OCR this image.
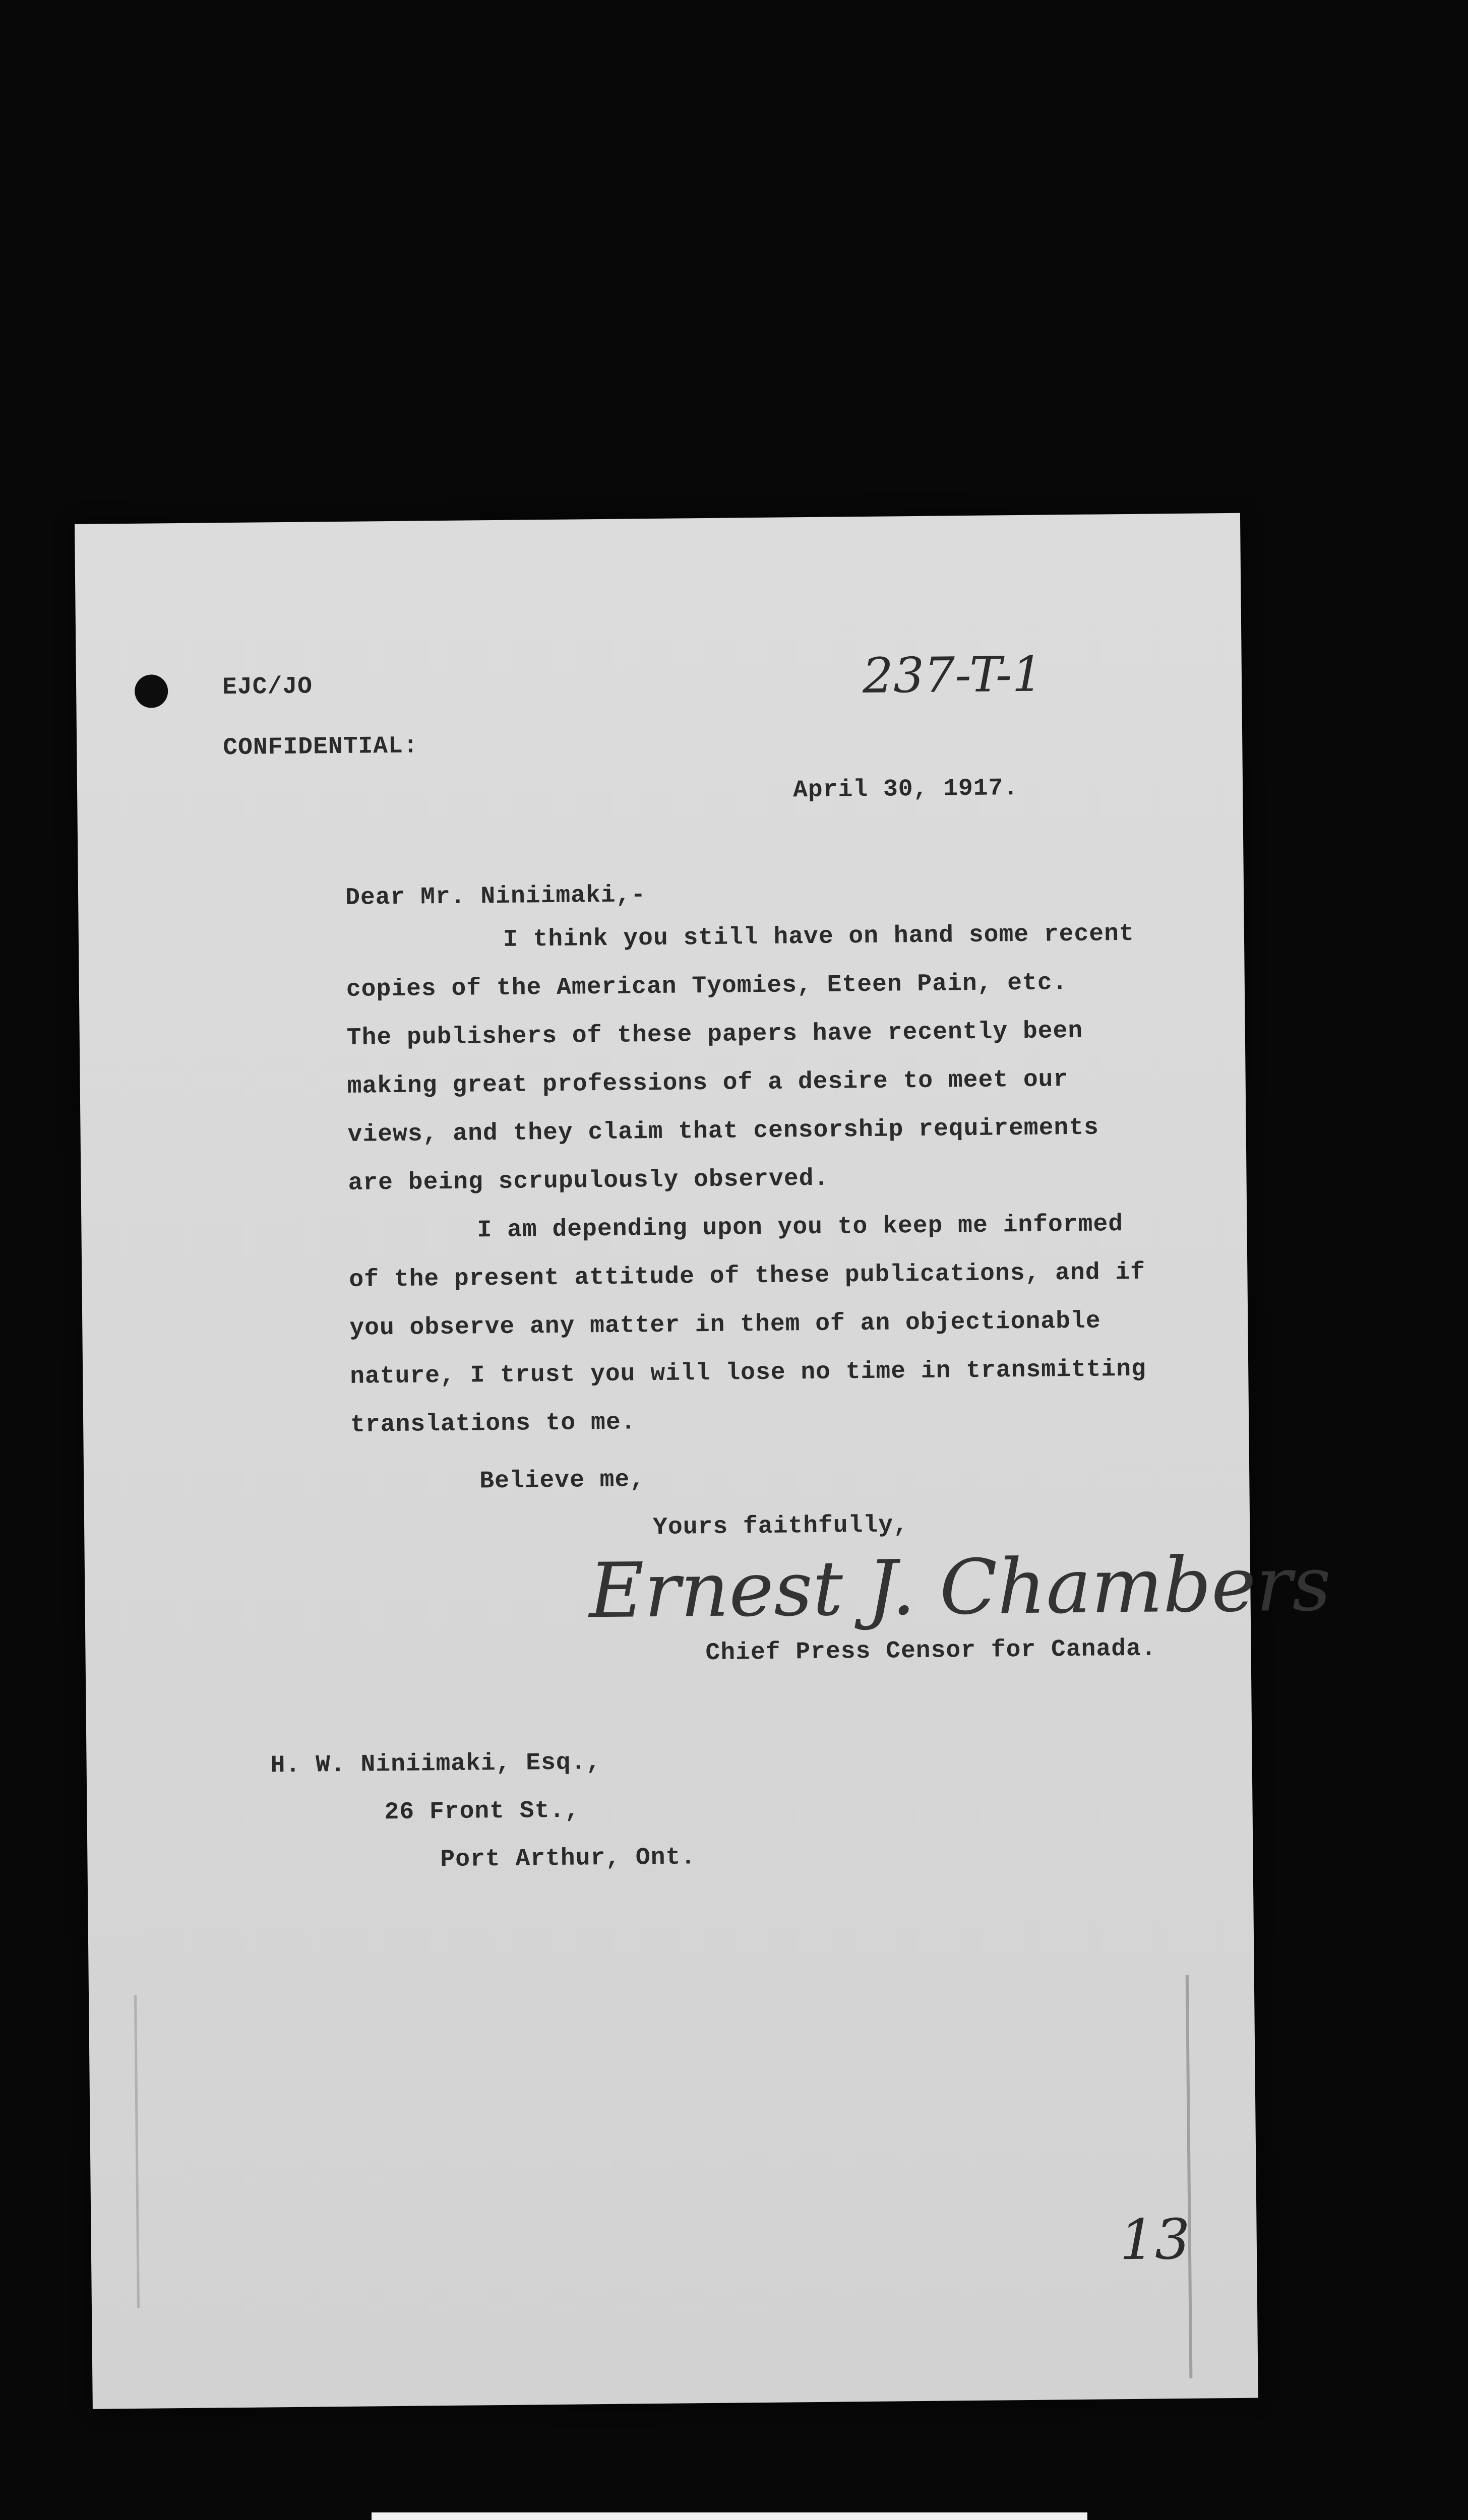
EJC/JO	237-T-1
CONFIDENTIAL:
April 30, 1917.
Dear Mr. Niniimaki,-
I think you still have on hand some recent
copies of the American Tyomies, Eteen Pain, etc.
The publishers of these papers have recently been
making great professions of a desire to meet our
views, and they claim that censorship requirements
are being scrupulously observed.
I am depending upon you to keep me informed
of the present attitude of these publications, and if
you observe any matter in them of an objectionable
nature, I trust you will lose no time in transmitting
translations to me.
Believe me,
Yours faithfully,
Ernest J. Chambers
Chief Press Censor for Canada.
H. W. Niniimaki, Esq.,
26 Front St.,
Port Arthur, Ont.
13
